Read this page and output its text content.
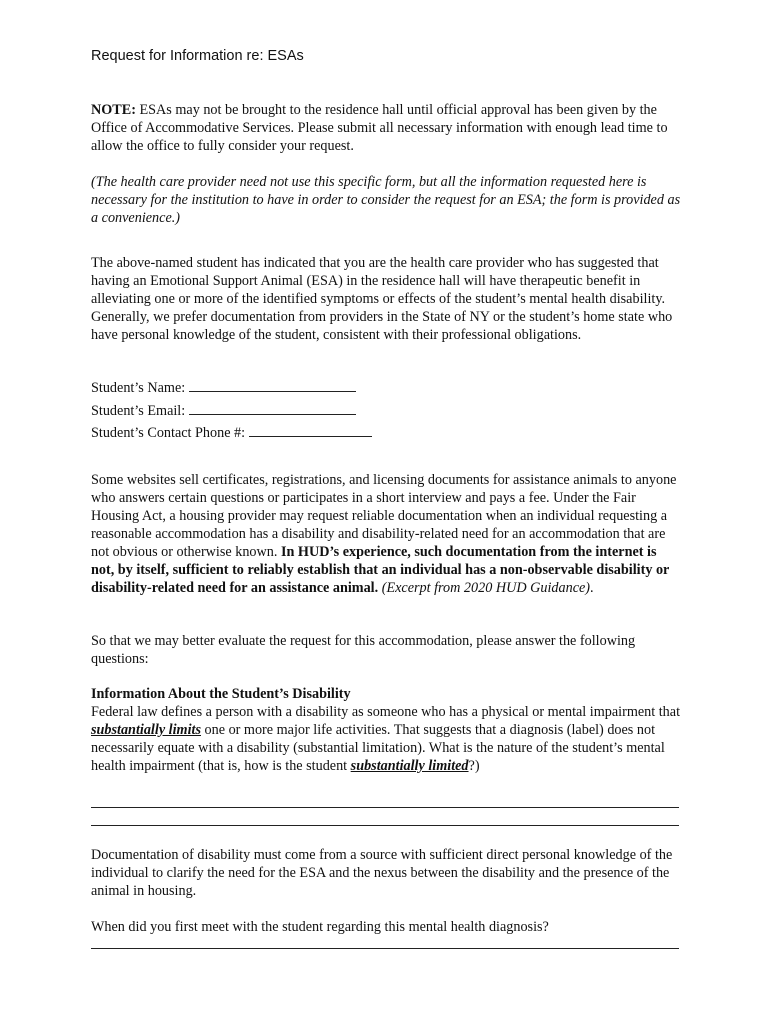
Request for Information re: ESAs

NOTE: ESAs may not be brought to the residence hall until official approval has been given by the Office of Accommodative Services. Please submit all necessary information with enough lead time to allow the office to fully consider your request.

(The health care provider need not use this specific form, but all the information requested here is necessary for the institution to have in order to consider the request for an ESA; the form is provided as a convenience.)
The above-named student has indicated that you are the health care provider who has suggested that having an Emotional Support Animal (ESA) in the residence hall will have therapeutic benefit in alleviating one or more of the identified symptoms or effects of the student’s mental health disability. Generally, we prefer documentation from providers in the State of NY or the student’s home state who have personal knowledge of the student, consistent with their professional obligations.
Student’s Name:
Student’s Email:
Student’s Contact Phone #:

Some websites sell certificates, registrations, and licensing documents for assistance animals to anyone who answers certain questions or participates in a short interview and pays a fee. Under the Fair Housing Act, a housing provider may request reliable documentation when an individual requesting a reasonable accommodation has a disability and disability-related need for an accommodation that are not obvious or otherwise known. In HUD’s experience, such documentation from the internet is not, by itself, sufficient to reliably establish that an individual has a non-observable disability or disability-related need for an assistance animal. (Excerpt from 2020 HUD Guidance).

So that we may better evaluate the request for this accommodation, please answer the following questions:

Information About the Student’s Disability

Federal law defines a person with a disability as someone who has a physical or mental impairment that substantially limits one or more major life activities. That suggests that a diagnosis (label) does not necessarily equate with a disability (substantial limitation). What is the nature of the student’s mental health impairment (that is, how is the student substantially limited?)

Documentation of disability must come from a source with sufficient direct personal knowledge of the individual to clarify the need for the ESA and the nexus between the disability and the presence of the animal in housing.
When did you first meet with the student regarding this mental health diagnosis?
